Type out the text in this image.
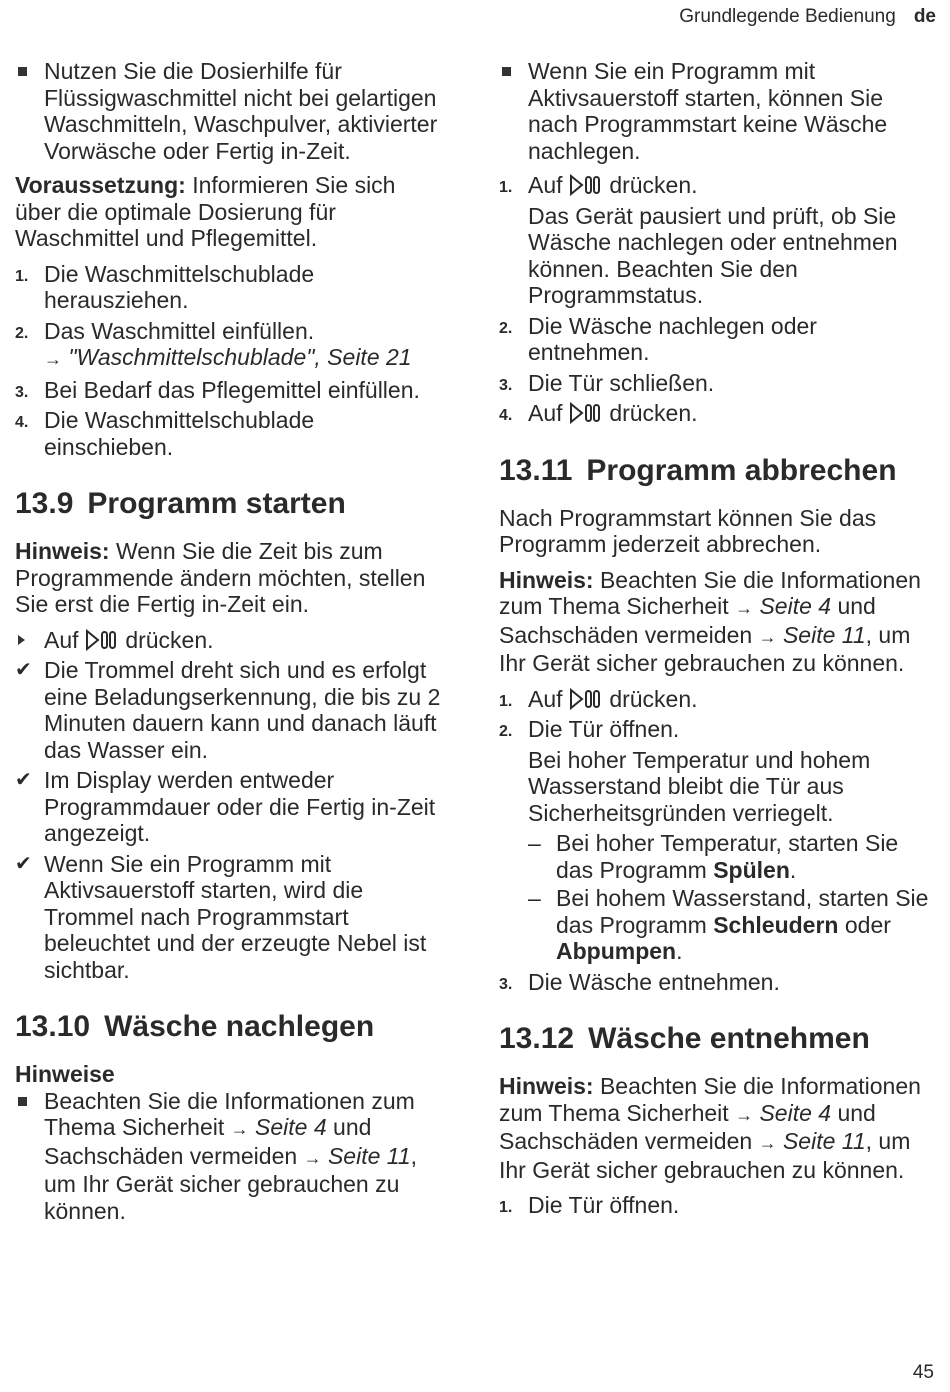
Grundlegende Bedienung de
Nutzen Sie die Dosierhilfe für Flüssigwaschmittel nicht bei gelartigen Waschmitteln, Waschpulver, aktivierter Vorwäsche oder Fertig in-Zeit.

Voraussetzung: Informieren Sie sich über die optimale Dosierung für Waschmittel und Pflegemittel.

1. Die Waschmittelschublade herausziehen.
2. Das Waschmittel einfüllen.
→ "Waschmittelschublade", Seite 21
3. Bei Bedarf das Pflegemittel einfüllen.
4. Die Waschmittelschublade einschieben.
13.9 Programm starten

Hinweis: Wenn Sie die Zeit bis zum Programmende ändern möchten, stellen Sie erst die Fertig in-Zeit ein.

Auf drücken.
✔ Die Trommel dreht sich und es erfolgt eine Beladungserkennung, die bis zu 2 Minuten dauern kann und danach läuft das Wasser ein.
✔ Im Display werden entweder Programmdauer oder die Fertig in-Zeit angezeigt.
✔ Wenn Sie ein Programm mit Aktivsauerstoff starten, wird die Trommel nach Programmstart beleuchtet und der erzeugte Nebel ist sichtbar.
13.10 Wäsche nachlegen
Hinweise
Beachten Sie die Informationen zum Thema Sicherheit → Seite 4 und Sachschäden vermeiden → Seite 11, um Ihr Gerät sicher gebrauchen zu können.
Wenn Sie ein Programm mit Aktivsauerstoff starten, können Sie nach Programmstart keine Wäsche nachlegen.
1. Auf drücken.
Das Gerät pausiert und prüft, ob Sie Wäsche nachlegen oder entnehmen können. Beachten Sie den Programmstatus.
2. Die Wäsche nachlegen oder entnehmen.
3. Die Tür schließen.
4. Auf drücken.
13.11 Programm abbrechen

Nach Programmstart können Sie das Programm jederzeit abbrechen.

Hinweis: Beachten Sie die Informationen zum Thema Sicherheit → Seite 4 und Sachschäden vermeiden → Seite 11, um Ihr Gerät sicher gebrauchen zu können.

1. Auf drücken.
2. Die Tür öffnen.
Bei hoher Temperatur und hohem Wasserstand bleibt die Tür aus Sicherheitsgründen verriegelt.
– Bei hoher Temperatur, starten Sie das Programm Spülen.
– Bei hohem Wasserstand, starten Sie das Programm Schleudern oder Abpumpen.
3. Die Wäsche entnehmen.
13.12 Wäsche entnehmen

Hinweis: Beachten Sie die Informationen zum Thema Sicherheit → Seite 4 und Sachschäden vermeiden → Seite 11, um Ihr Gerät sicher gebrauchen zu können.

1. Die Tür öffnen.
45
